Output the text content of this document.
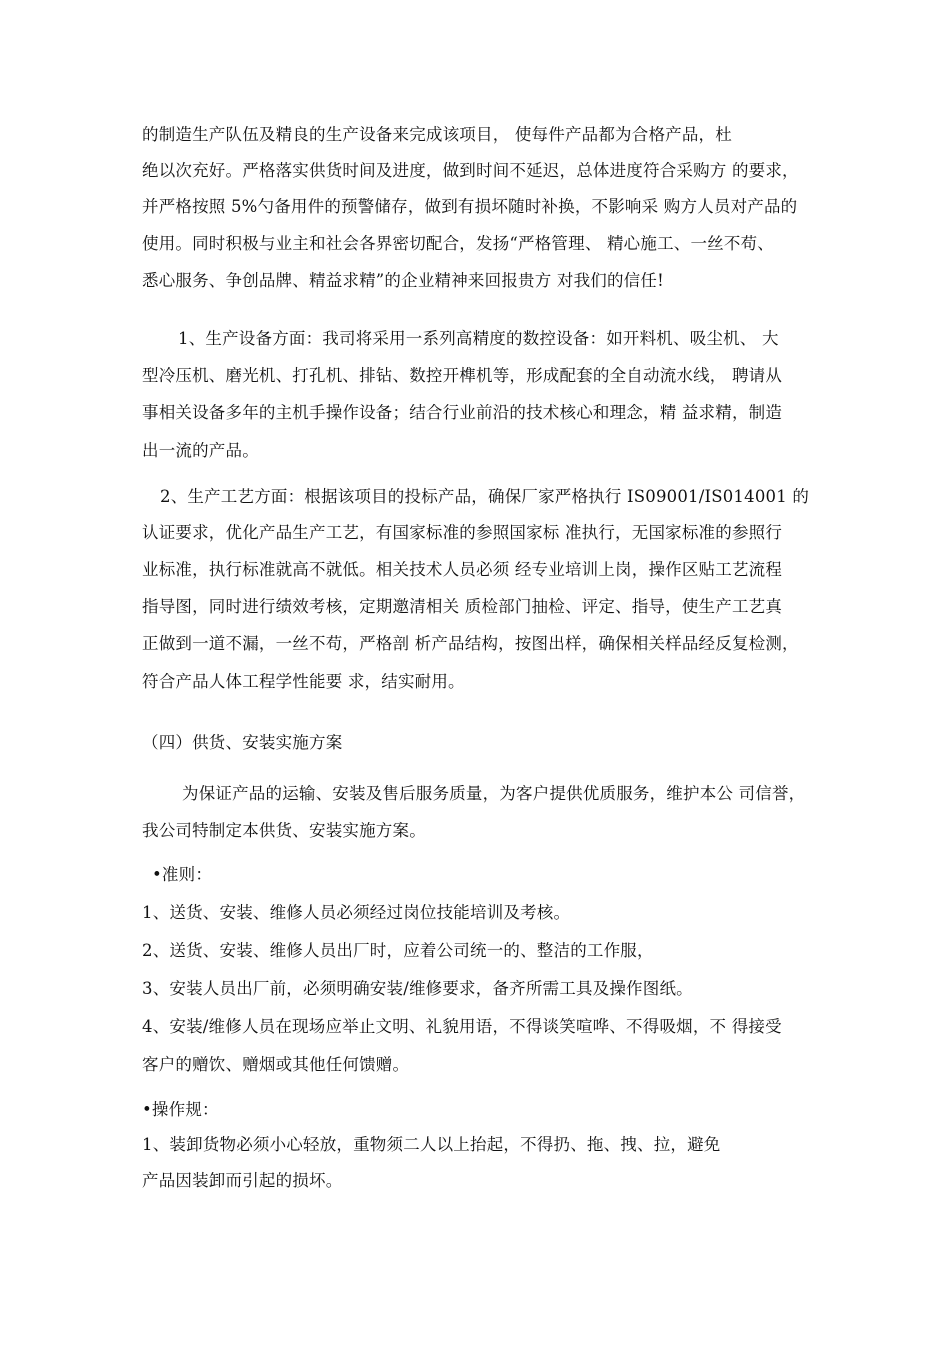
的制造生产队伍及精良的生产设备来完成该项目， 使每件产品都为合格产品，杜
绝以次充好。严格落实供货时间及进度，做到时间不延迟，总体进度符合采购方 的要求，
并严格按照 5%勺备用件的预警储存，做到有损坏随时补换，不影响采 购方人员对产品的
使用。同时积极与业主和社会各界密切配合，发扬“严格管理、 精心施工、一丝不苟、
悉心服务、争创品牌、精益求精”的企业精神来回报贵方 对我们的信任!
1、生产设备方面：我司将采用一系列高精度的数控设备：如开料机、吸尘机、 大
型冷压机、磨光机、打孔机、排钻、数控开榫机等，形成配套的全自动流水线， 聘请从
事相关设备多年的主机手操作设备；结合行业前沿的技术核心和理念，精 益求精，制造
出一流的产品。
2、生产工艺方面：根据该项目的投标产品，确保厂家严格执行 IS09001/IS014001 的
认证要求，优化产品生产工艺，有国家标准的参照国家标 准执行，无国家标准的参照行
业标准，执行标准就高不就低。相关技术人员必须 经专业培训上岗，操作区贴工艺流程
指导图，同时进行绩效考核，定期邀清相关 质检部门抽检、评定、指导，使生产工艺真
正做到一道不漏，一丝不苟，严格剖 析产品结构，按图出样，确保相关样品经反复检测，
符合产品人体工程学性能要 求，结实耐用。
（四）供货、安装实施方案
为保证产品的运输、安装及售后服务质量，为客户提供优质服务，维护本公 司信誉，
我公司特制定本供货、安装实施方案。
•准则：
1、送货、安装、维修人员必须经过岗位技能培训及考核。
2、送货、安装、维修人员出厂时，应着公司统一的、整洁的工作服，
3、安装人员出厂前，必须明确安装/维修要求，备齐所需工具及操作图纸。
4、安装/维修人员在现场应举止文明、礼貌用语，不得谈笑喧哗、不得吸烟，不 得接受
客户的赠饮、赠烟或其他任何馈赠。
•操作规：
1、装卸货物必须小心轻放，重物须二人以上抬起，不得扔、拖、拽、拉，避免
产品因装卸而引起的损坏。
